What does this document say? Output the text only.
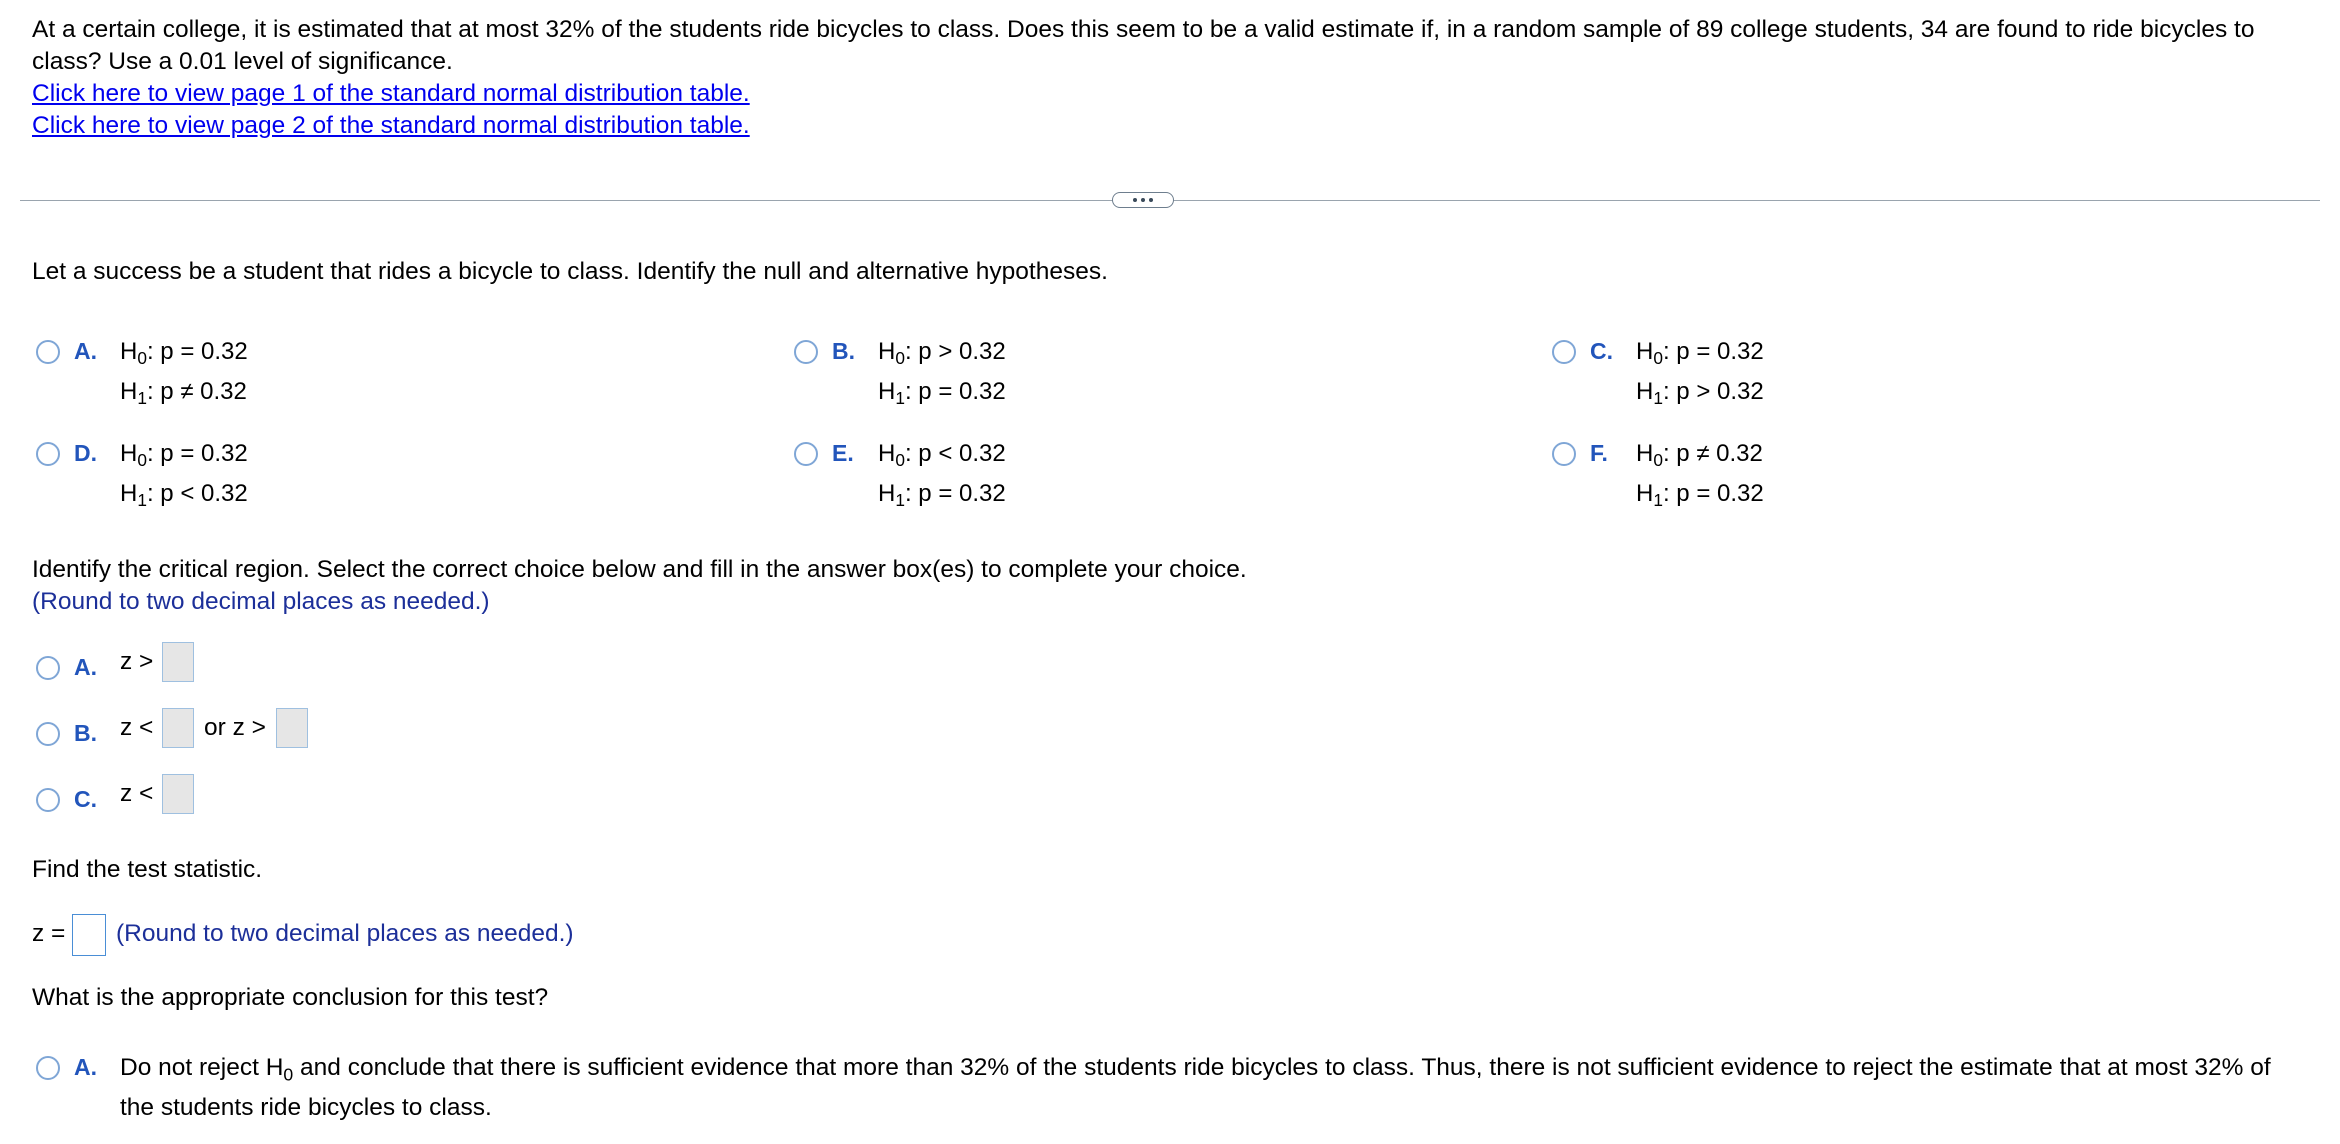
At a certain college, it is estimated that at most 32% of the students ride bicycles to class. Does this seem to be a valid estimate if, in a random sample of 89 college students, 34 are found to ride bicycles to class? Use a 0.01 level of significance.
Click here to view page 1 of the standard normal distribution table.
Click here to view page 2 of the standard normal distribution table.
Let a success be a student that rides a bicycle to class. Identify the null and alternative hypotheses.
A. $H_0$: p = 0.32
$H_1$: p ≠ 0.32
B. $H_0$: p > 0.32
$H_1$: p = 0.32
C. $H_0$: p = 0.32
$H_1$: p > 0.32
D. $H_0$: p = 0.32
$H_1$: p < 0.32
E. $H_0$: p < 0.32
$H_1$: p = 0.32
F. $H_0$: p ≠ 0.32
$H_1$: p = 0.32
Identify the critical region. Select the correct choice below and fill in the answer box(es) to complete your choice.
(Round to two decimal places as needed.)
A. z >
B. z < or z >
C. z <
Find the test statistic.
z = (Round to two decimal places as needed.)
What is the appropriate conclusion for this test?
A. Do not reject $H_0$ and conclude that there is sufficient evidence that more than 32% of the students ride bicycles to class. Thus, there is not sufficient evidence to reject the estimate that at most 32% of the students ride bicycles to class.
